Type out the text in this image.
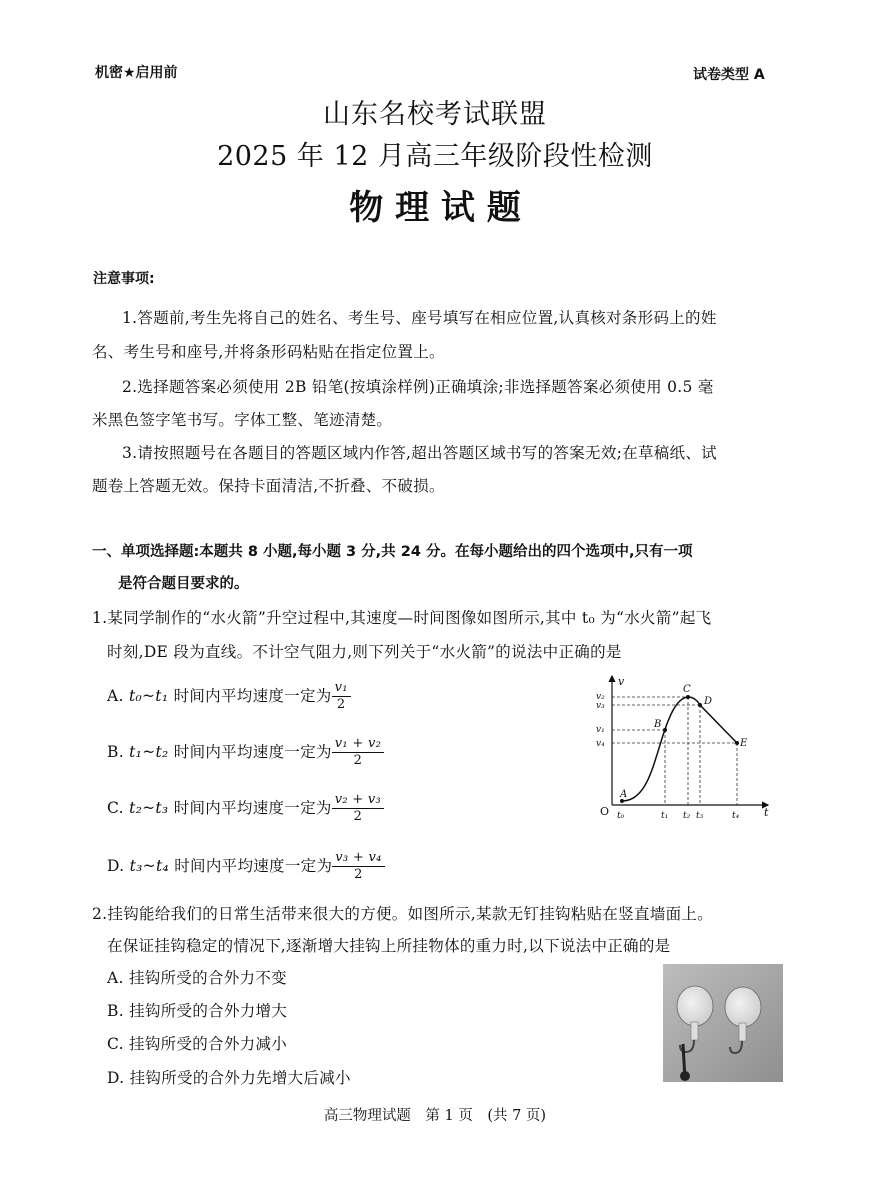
机密★启用前	试卷类型 A
山东名校考试联盟
2025 年 12 月高三年级阶段性检测
物 理 试 题
注意事项:
1.答题前,考生先将自己的姓名、考生号、座号填写在相应位置,认真核对条形码上的姓
名、考生号和座号,并将条形码粘贴在指定位置上。
2.选择题答案必须使用 2B 铅笔(按填涂样例)正确填涂;非选择题答案必须使用 0.5 毫
米黑色签字笔书写。字体工整、笔迹清楚。
3.请按照题号在各题目的答题区域内作答,超出答题区域书写的答案无效;在草稿纸、试
题卷上答题无效。保持卡面清洁,不折叠、不破损。
一、单项选择题:本题共 8 小题,每小题 3 分,共 24 分。在每小题给出的四个选项中,只有一项
是符合题目要求的。
1.某同学制作的“水火箭”升空过程中,其速度—时间图像如图所示,其中 t₀ 为“水火箭”起飞
时刻,DE 段为直线。不计空气阻力,则下列关于“水火箭”的说法中正确的是
A. t₀~t₁ 时间内平均速度一定为 $\frac{\text{v₁}}{2}$
B. t₁~t₂ 时间内平均速度一定为 $\frac{\text{v₁ + v₂}}{2}$
C. t₂~t₃ 时间内平均速度一定为 $\frac{\text{v₂ + v₃}}{2}$
D. t₃~t₄ 时间内平均速度一定为 $\frac{\text{v₃ + v₄}}{2}$
v
t
O
v₂
v₃
v₁
v₄
t₀	t₁ t₂ t₃	t₄
A
B
C
D
E
2.挂钩能给我们的日常生活带来很大的方便。如图所示,某款无钉挂钩粘贴在竖直墙面上。
在保证挂钩稳定的情况下,逐渐增大挂钩上所挂物体的重力时,以下说法中正确的是
A. 挂钩所受的合外力不变
B. 挂钩所受的合外力增大
C. 挂钩所受的合外力减小
D. 挂钩所受的合外力先增大后减小
高三物理试题　第 1 页　(共 7 页)
